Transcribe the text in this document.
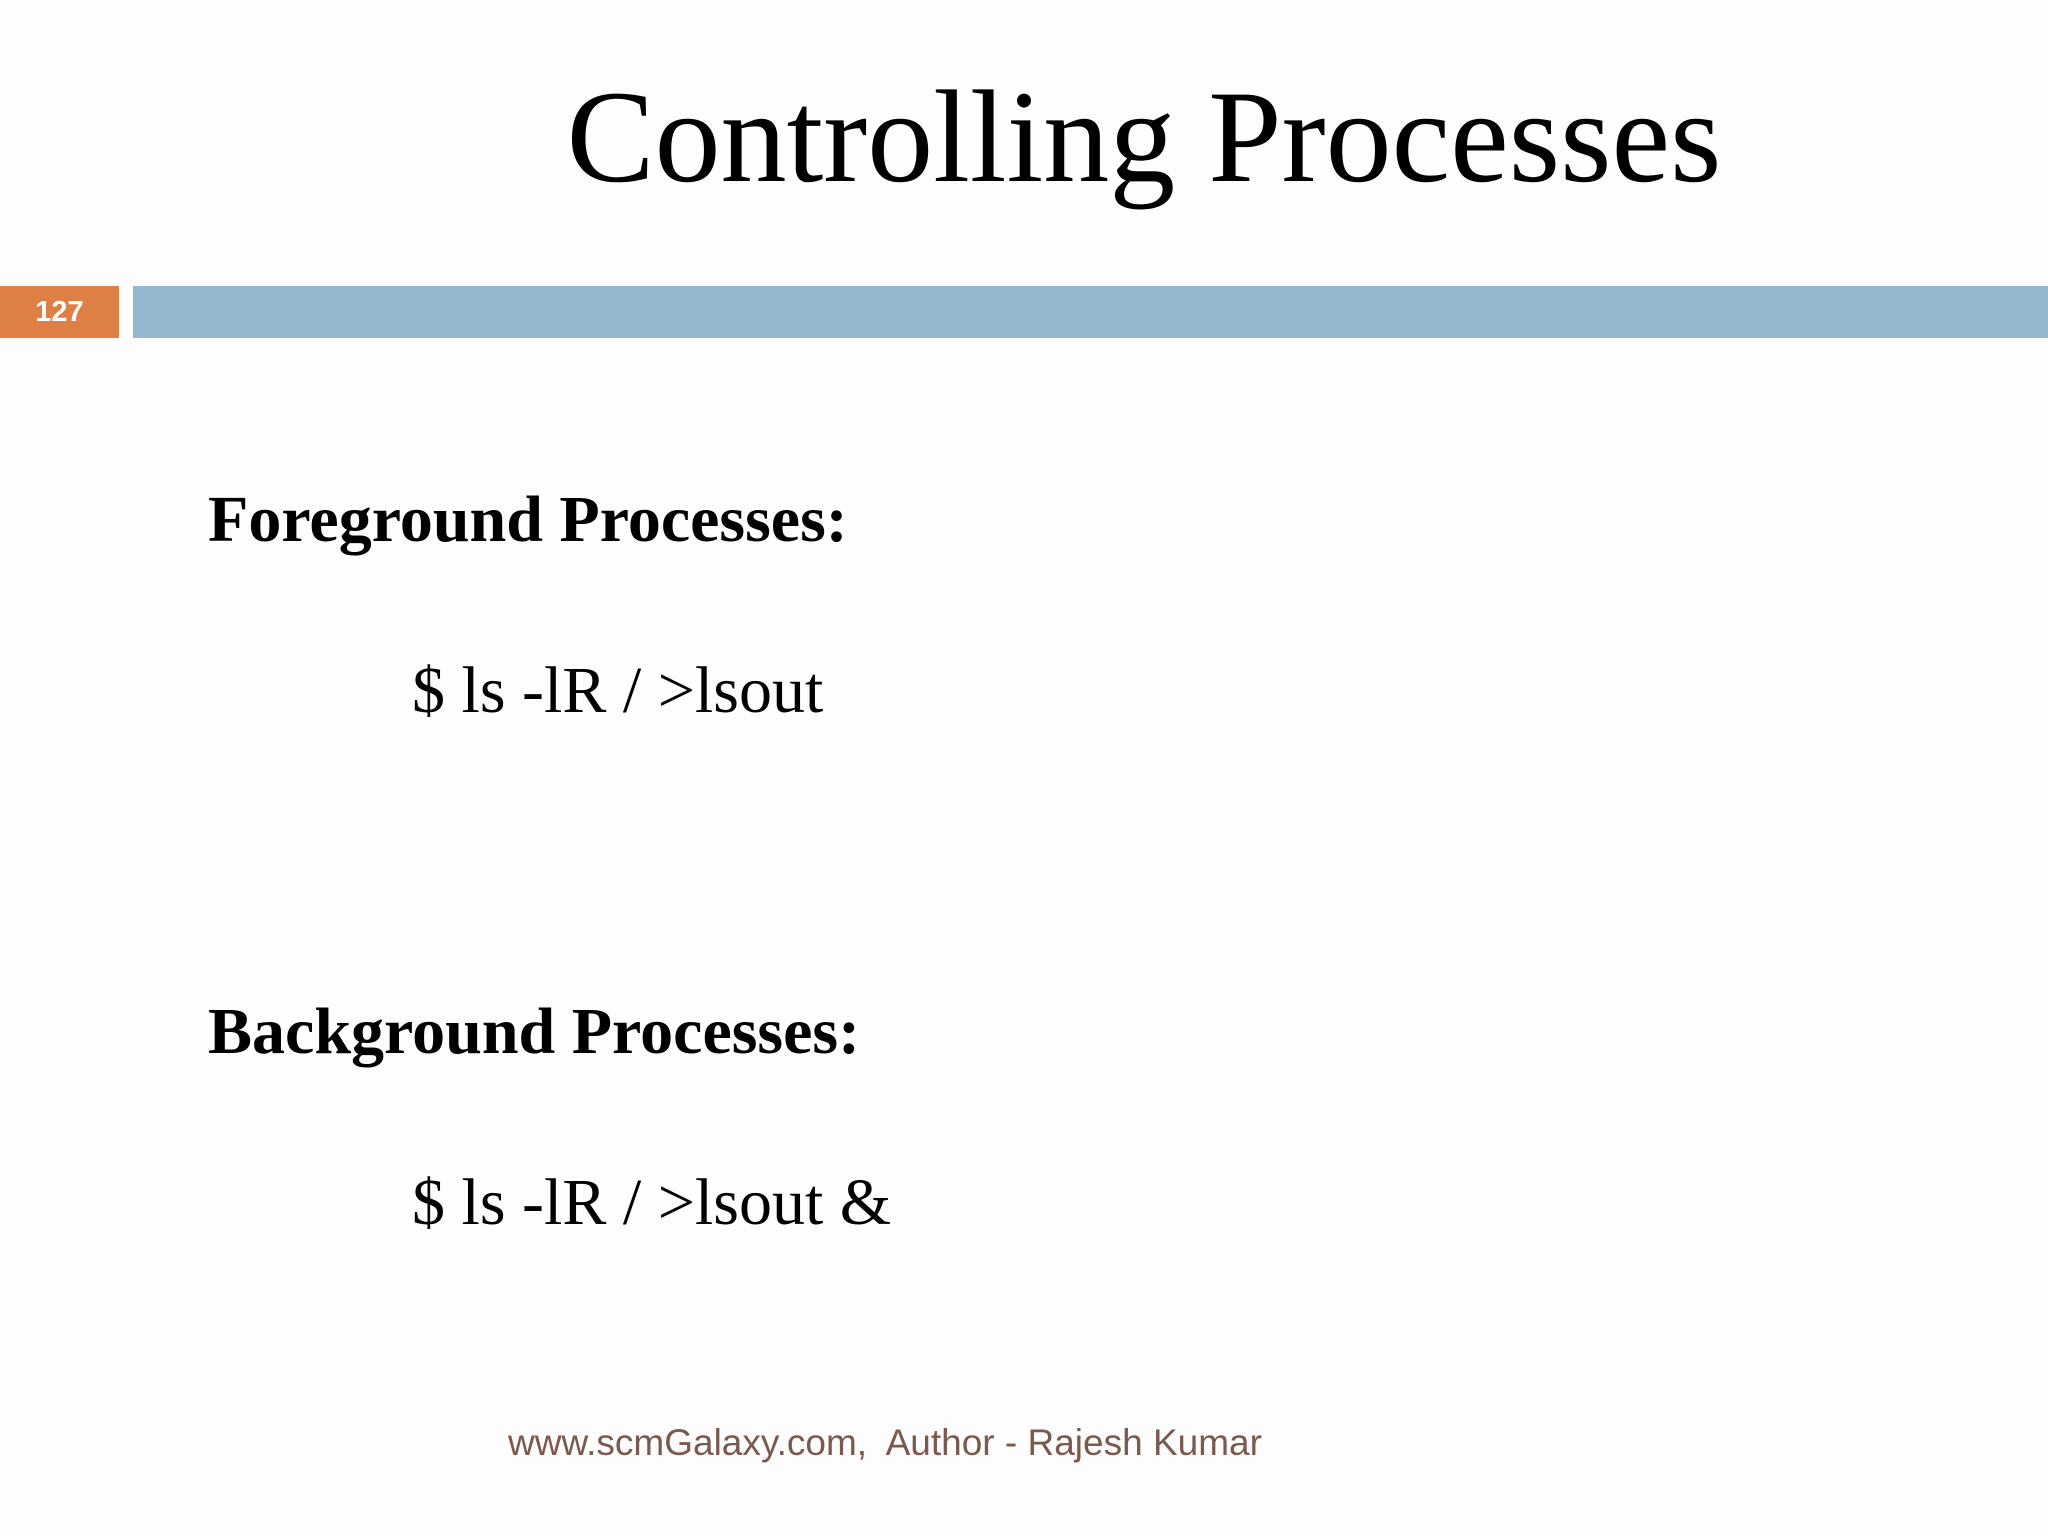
Controlling Processes
127
Foreground Processes:
$ ls -lR / >lsout
Background Processes:
$ ls -lR / >lsout &
www.scmGalaxy.com,  Author - Rajesh Kumar
